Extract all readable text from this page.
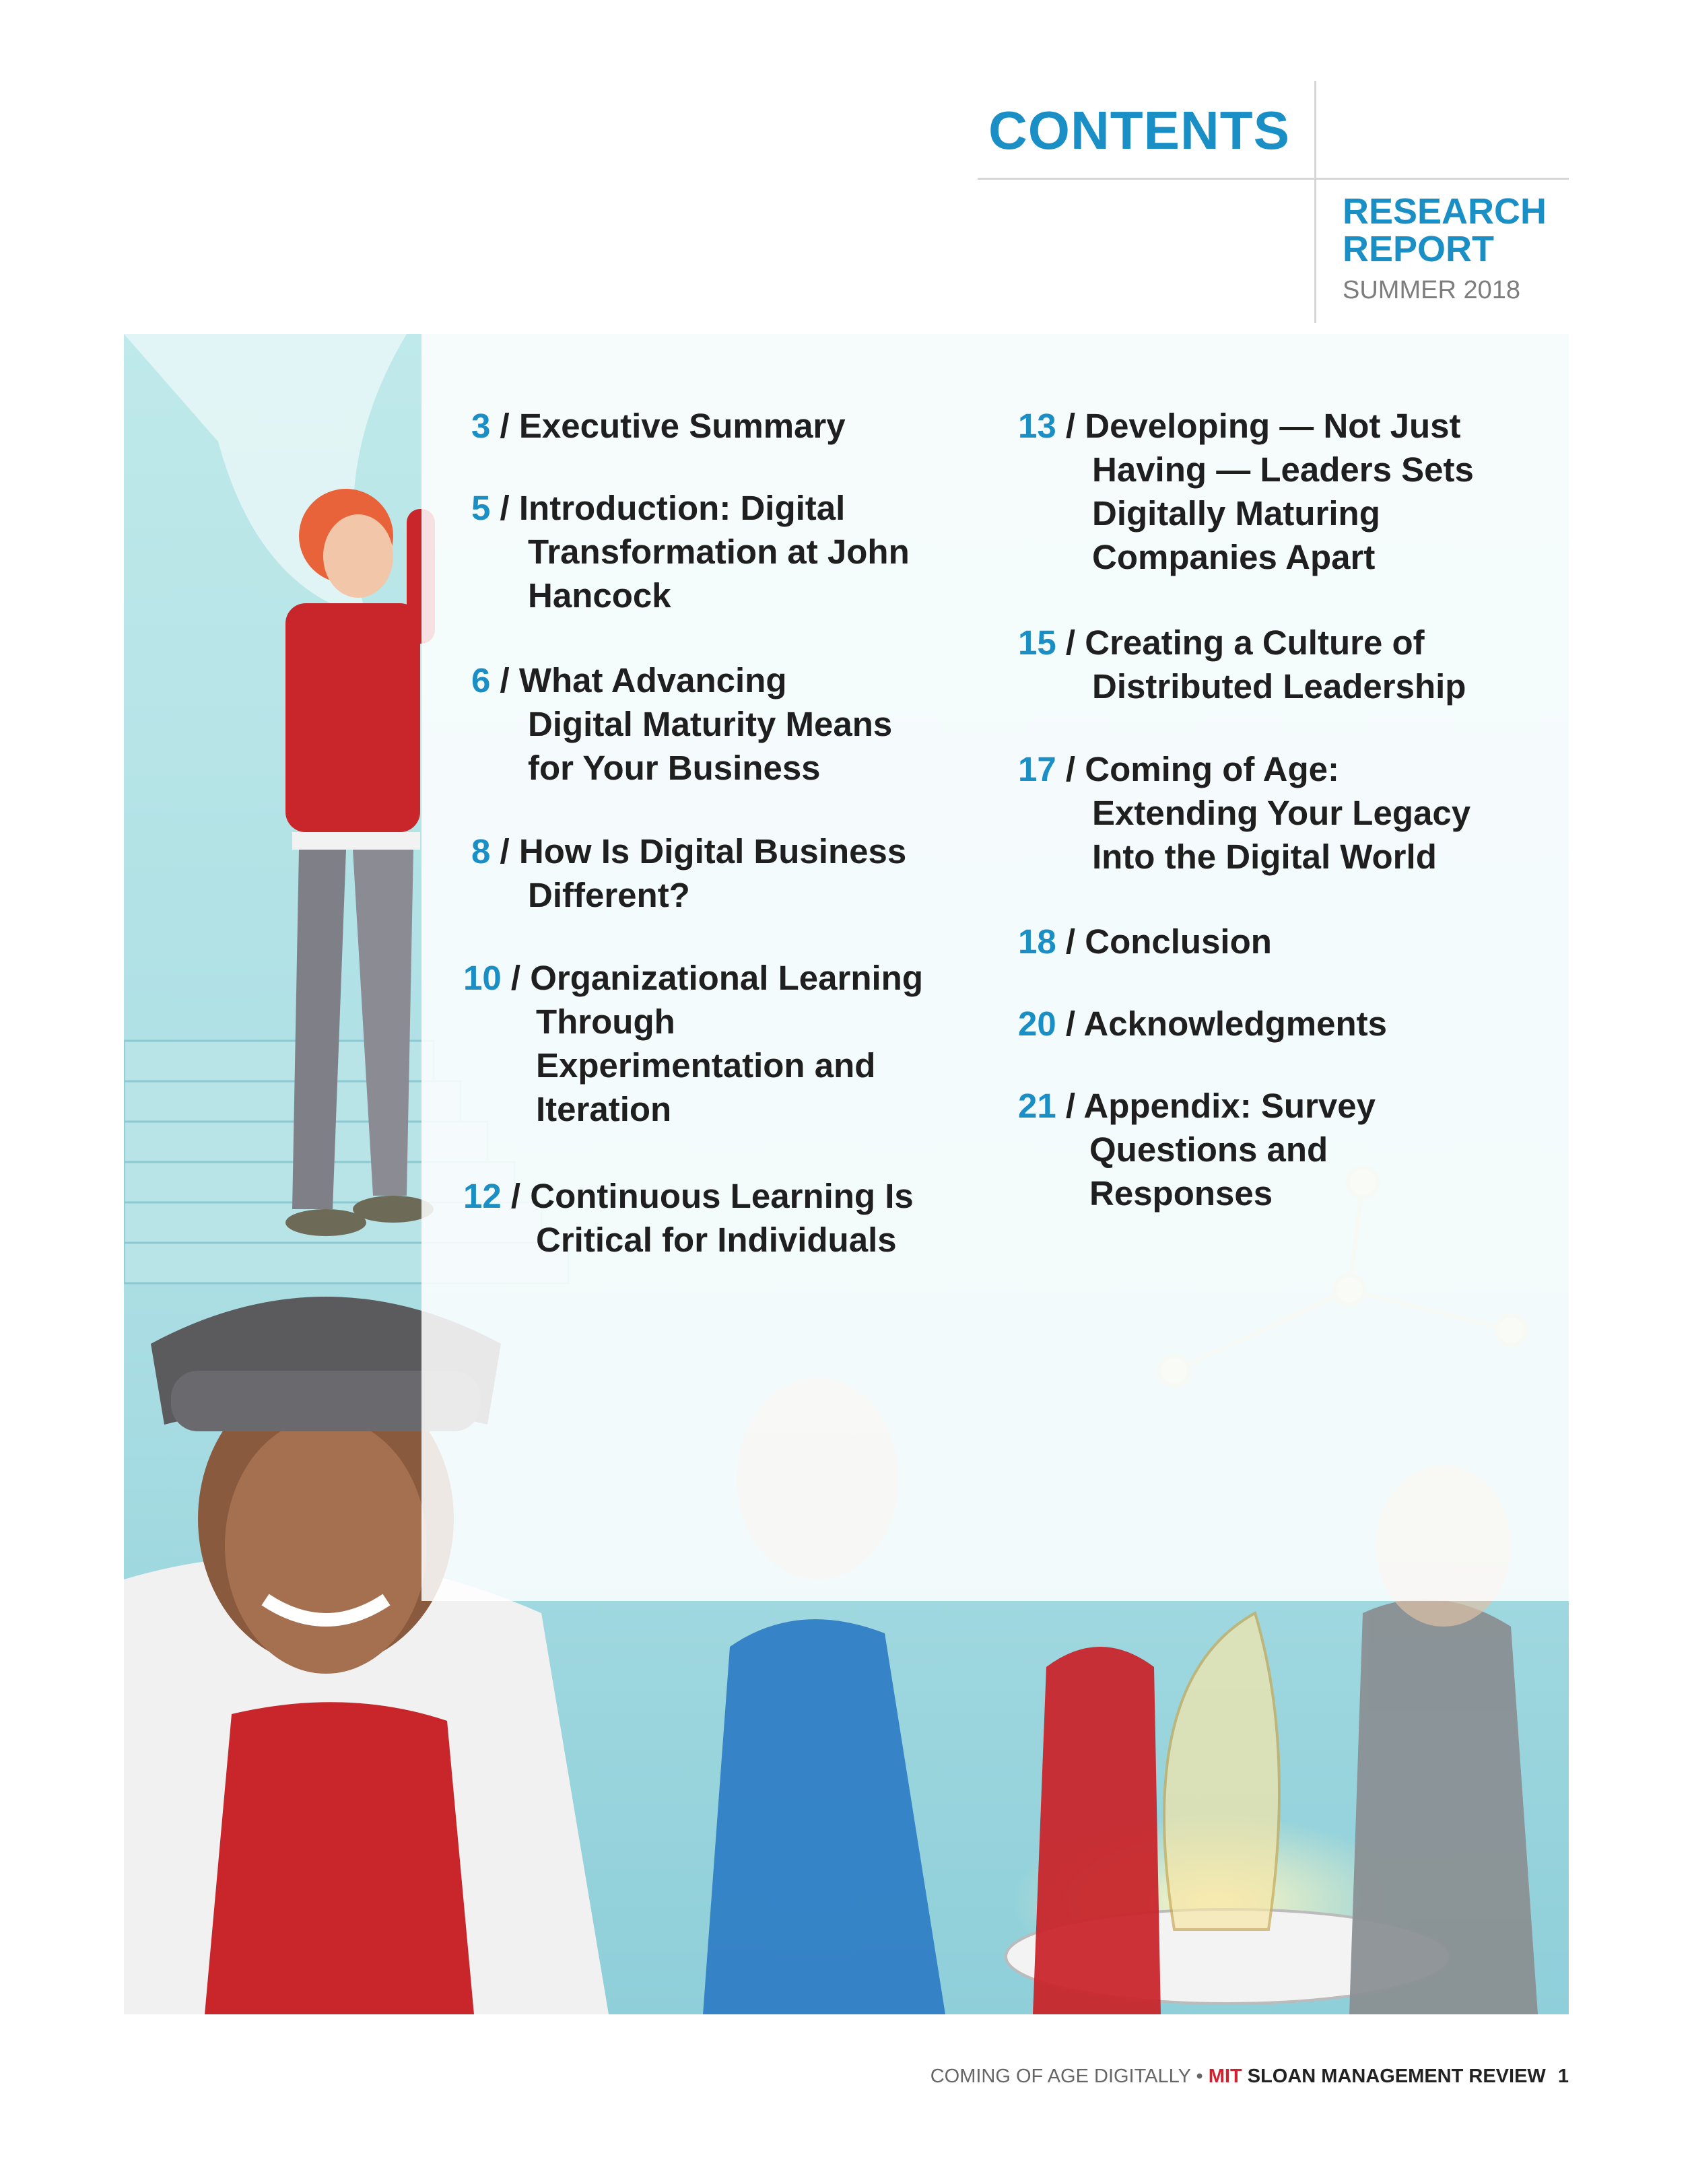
CONTENTS
RESEARCH
REPORT
SUMMER 2018
3 / Executive Summary
5 / Introduction: Digital
Transformation at John
Hancock
6 / What Advancing
Digital Maturity Means
for Your Business
8 / How Is Digital Business
Different?
10 / Organizational Learning
Through
Experimentation and
Iteration
12 / Continuous Learning Is
Critical for Individuals
13 / Developing — Not Just
Having — Leaders Sets
Digitally Maturing
Companies Apart
15 / Creating a Culture of
Distributed Leadership
17 / Coming of Age:
Extending Your Legacy
Into the Digital World
18 / Conclusion
20 / Acknowledgments
21 / Appendix: Survey
Questions and
Responses
COMING OF AGE DIGITALLY • MIT SLOAN MANAGEMENT REVIEW 1
